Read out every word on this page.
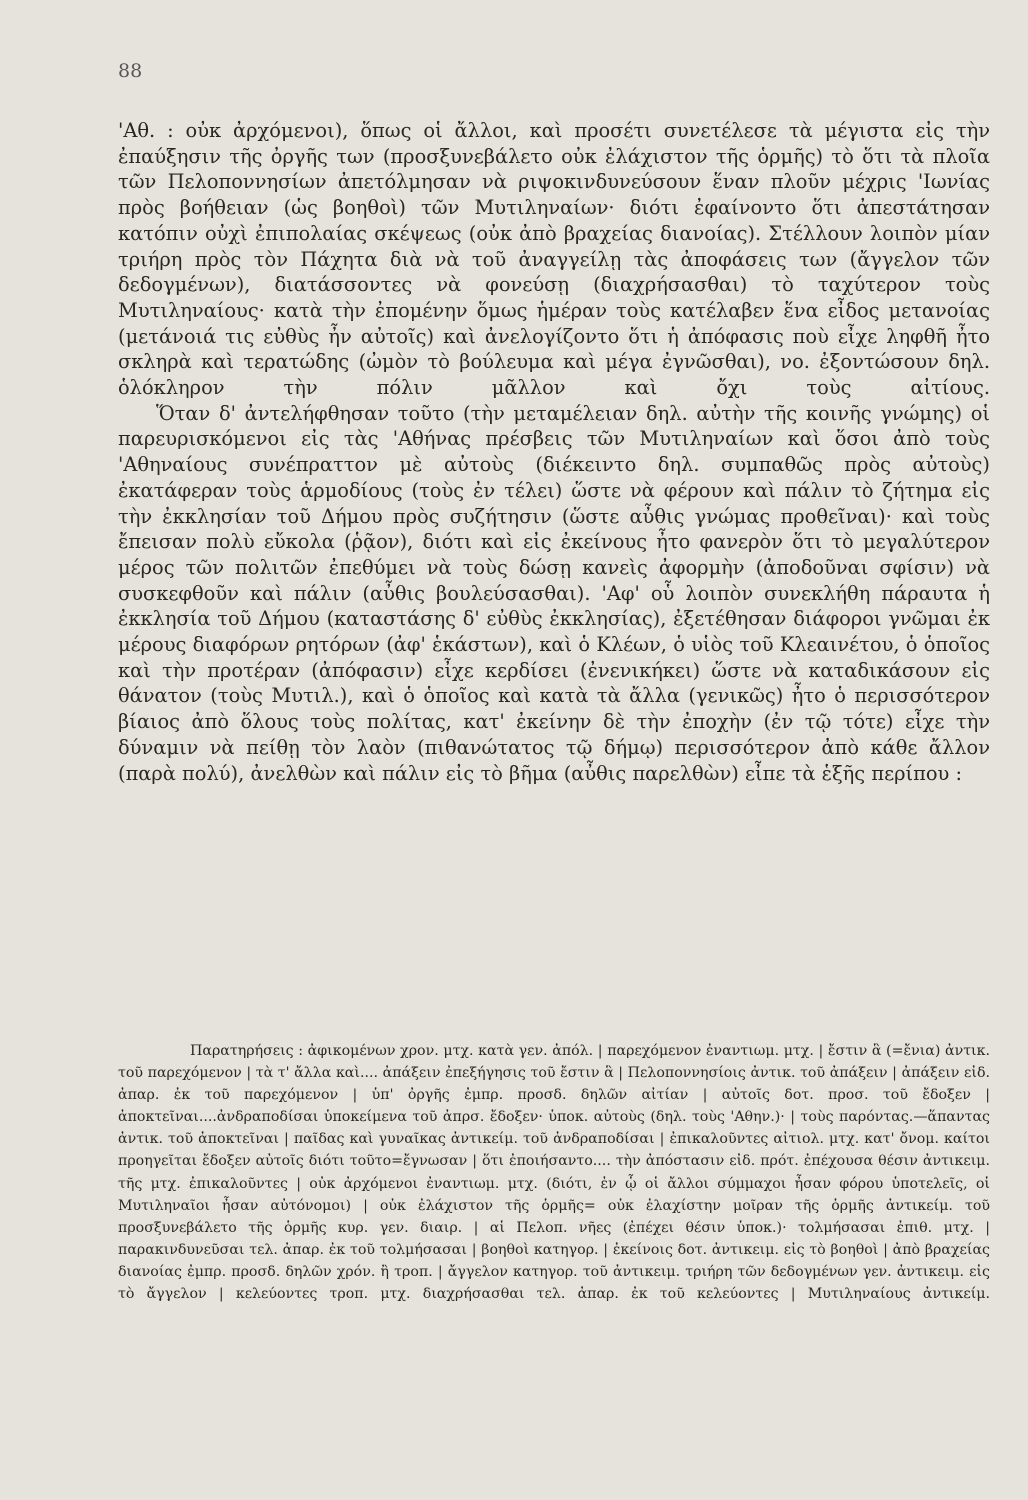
88

'Αθ. : οὐκ ἀρχόμενοι), ὅπως οἱ ἄλλοι, καὶ προσέτι συνετέλεσε τὰ μέγιστα εἰς τὴν ἐπαύξησιν τῆς ὀργῆς των (προσξυνεβάλετο οὐκ ἐλάχιστον τῆς ὁρμῆς) τὸ ὅτι τὰ πλοῖα τῶν Πελοποννησίων ἀπετόλμησαν νὰ ριψοκινδυνεύσουν ἕναν πλοῦν μέχρις 'Ιωνίας πρὸς βοήθειαν (ὡς βοηθοὶ) τῶν Μυτιληναίων· διότι ἐφαίνοντο ὅτι ἀπεστάτησαν κατόπιν οὐχὶ ἐπιπολαίας σκέψεως (οὐκ ἀπὸ βραχείας διανοίας). Στέλλουν λοιπὸν μίαν τριήρη πρὸς τὸν Πάχητα διὰ νὰ τοῦ ἀναγγείλῃ τὰς ἀποφάσεις των (ἄγγελον τῶν δεδογμένων), διατάσσοντες νὰ φονεύσῃ (διαχρήσασθαι) τὸ ταχύτερον τοὺς Μυτιληναίους· κατὰ τὴν ἐπομένην ὅμως ἡμέραν τοὺς κατέλαβεν ἕνα εἶδος μετανοίας (μετάνοιά τις εὐθὺς ἦν αὐτοῖς) καὶ ἀνελογίζοντο ὅτι ἡ ἀπόφασις ποὺ εἶχε ληφθῆ ἦτο σκληρὰ καὶ τερατώδης (ὠμὸν τὸ βούλευμα καὶ μέγα ἐγνῶσθαι), νο. ἐξοντώσουν δηλ. ὁλόκληρον τὴν πόλιν μᾶλλον καὶ ὄχι τοὺς αἰτίους.

Ὅταν δ' ἀντελήφθησαν τοῦτο (τὴν μεταμέλειαν δηλ. αὐτὴν τῆς κοινῆς γνώμης) οἱ παρευρισκόμενοι εἰς τὰς 'Αθήνας πρέσβεις τῶν Μυτιληναίων καὶ ὅσοι ἀπὸ τοὺς 'Αθηναίους συνέπραττον μὲ αὐτοὺς (διέκειντο δηλ. συμπαθῶς πρὸς αὐτοὺς) ἐκατάφεραν τοὺς ἁρμοδίους (τοὺς ἐν τέλει) ὥστε νὰ φέρουν καὶ πάλιν τὸ ζήτημα εἰς τὴν ἐκκλησίαν τοῦ Δήμου πρὸς συζήτησιν (ὥστε αὖθις γνώμας προθεῖναι)· καὶ τοὺς ἔπεισαν πολὺ εὔκολα (ῥᾷον), διότι καὶ εἰς ἐκείνους ἦτο φανερὸν ὅτι τὸ μεγαλύτερον μέρος τῶν πολιτῶν ἐπεθύμει νὰ τοὺς δώσῃ κανεὶς ἀφορμὴν (ἀποδοῦναι σφίσιν) νὰ συσκεφθοῦν καὶ πάλιν (αὖθις βουλεύσασθαι). 'Αφ' οὗ λοιπὸν συνεκλήθη πάραυτα ἡ ἐκκλησία τοῦ Δήμου (καταστάσης δ' εὐθὺς ἐκκλησίας), ἐξετέθησαν διάφοροι γνῶμαι ἐκ μέρους διαφόρων ρητόρων (ἀφ' ἑκάστων), καὶ ὁ Κλέων, ὁ υἱὸς τοῦ Κλεαινέτου, ὁ ὁποῖος καὶ τὴν προτέραν (ἀπόφασιν) εἶχε κερδίσει (ἐνενικήκει) ὥστε νὰ καταδικάσουν εἰς θάνατον (τοὺς Μυτιλ.), καὶ ὁ ὁποῖος καὶ κατὰ τὰ ἄλλα (γενικῶς) ἦτο ὁ περισσότερον βίαιος ἀπὸ ὅλους τοὺς πολίτας, κατ' ἐκείνην δὲ τὴν ἐποχὴν (ἐν τῷ τότε) εἶχε τὴν δύναμιν νὰ πείθῃ τὸν λαὸν (πιθανώτατος τῷ δήμῳ) περισσότερον ἀπὸ κάθε ἄλλον (παρὰ πολύ), ἀνελθὼν καὶ πάλιν εἰς τὸ βῆμα (αὖθις παρελθὼν) εἶπε τὰ ἑξῆς περίπου :

Παρατηρήσεις : ἀφικομένων χρον. μτχ. κατὰ γεν. ἀπόλ. | παρεχόμενον ἐναντιωμ. μτχ. | ἔστιν ἃ (=ἔνια) ἀντικ. τοῦ παρεχόμενον | τὰ τ' ἄλλα καὶ.... ἀπάξειν ἐπεξήγησις τοῦ ἔστιν ἃ | Πελοποννησίοις ἀντικ. τοῦ ἀπάξειν | ἀπάξειν εἰδ. ἀπαρ. ἐκ τοῦ παρεχόμενον | ὑπ' ὀργῆς ἐμπρ. προσδ. δηλῶν αἰτίαν | αὐτοῖς δοτ. προσ. τοῦ ἔδοξεν | ἀποκτεῖναι....ἀνδραποδίσαι ὑποκείμενα τοῦ ἀπρσ. ἔδοξεν· ὑποκ. αὐτοὺς (δηλ. τοὺς 'Αθην.)· | τοὺς παρόντας.—ἅπαντας ἀντικ. τοῦ ἀποκτεῖναι | παῖδας καὶ γυναῖκας ἀντικείμ. τοῦ ἀνδραποδίσαι | ἐπικαλοῦντες αἰτιολ. μτχ. κατ' ὄνομ. καίτοι προηγεῖται ἔδοξεν αὐτοῖς διότι τοῦτο=ἔγνωσαν | ὅτι ἐποιήσαντο.... τὴν ἀπόστασιν εἰδ. πρότ. ἐπέχουσα θέσιν ἀντικειμ. τῆς μτχ. ἐπικαλοῦντες | οὐκ ἀρχόμενοι ἐναντιωμ. μτχ. (διότι, ἐν ᾧ οἱ ἄλλοι σύμμαχοι ἦσαν φόρου ὑποτελεῖς, οἱ Μυτιληναῖοι ἦσαν αὐτόνομοι) | οὐκ ἐλάχιστον τῆς ὁρμῆς= οὐκ ἐλαχίστην μοῖραν τῆς ὁρμῆς ἀντικείμ. τοῦ προσξυνεβάλετο τῆς ὁρμῆς κυρ. γεν. διαιρ. | αἱ Πελοπ. νῆες (ἐπέχει θέσιν ὑποκ.)· τολμήσασαι ἐπιθ. μτχ. | παρακινδυνεῦσαι τελ. ἀπαρ. ἐκ τοῦ τολμήσασαι | βοηθοὶ κατηγορ. | ἐκείνοις δοτ. ἀντικειμ. εἰς τὸ βοηθοὶ | ἀπὸ βραχείας διανοίας ἐμπρ. προσδ. δηλῶν χρόν. ἢ τροπ. | ἄγγελον κατηγορ. τοῦ ἀντικειμ. τριήρη τῶν δεδογμένων γεν. ἀντικειμ. εἰς τὸ ἄγγελον | κελεύοντες τροπ. μτχ. διαχρήσασθαι τελ. ἀπαρ. ἐκ τοῦ κελεύοντες | Μυτιληναίους ἀντικείμ.
